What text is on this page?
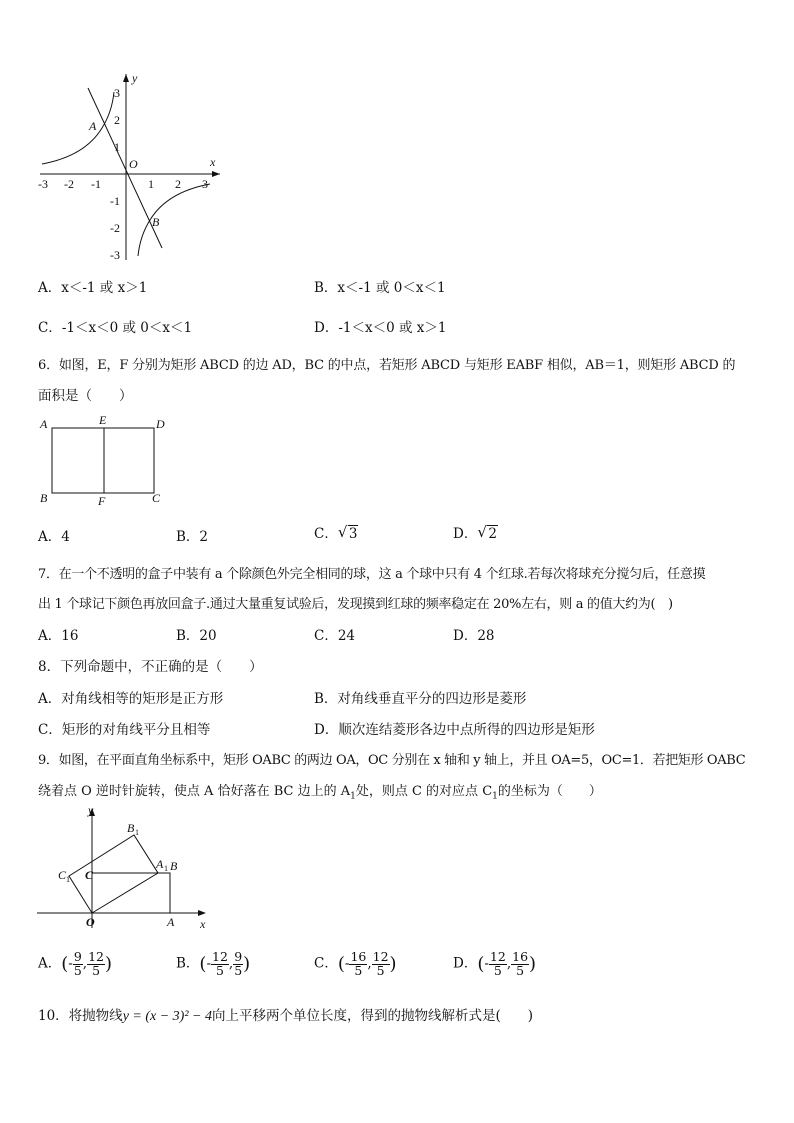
y
x
O
A
B
-3 -2 -1	1 2 3
3
2
1
-1
-2
-3
A．x＜-1 或 x＞1	B．x＜-1 或 0＜x＜1
C．-1＜x＜0 或 0＜x＜1	D．-1＜x＜0 或 x＞1
6．如图，E，F 分别为矩形 ABCD 的边 AD，BC 的中点，若矩形 ABCD 与矩形 EABF 相似，AB＝1，则矩形 ABCD 的
面积是（　　）
A	E	D
B	F	C
A．4	B．2	C． √ 3	D． √ 2
7．在一个不透明的盒子中装有 a 个除颜色外完全相同的球，这 a 个球中只有 4 个红球.若每次将球充分搅匀后，任意摸
出 1 个球记下颜色再放回盒子.通过大量重复试验后，发现摸到红球的频率稳定在 20%左右，则 a 的值大约为(　)
A．16	B．20	C．24	D．28
8．下列命题中，不正确的是（　　）
A．对角线相等的矩形是正方形	B．对角线垂直平分的四边形是菱形
C．矩形的对角线平分且相等	D．顺次连结菱形各边中点所得的四边形是矩形
9．如图，在平面直角坐标系中，矩形 OABC 的两边 OA，OC 分别在 x 轴和 y 轴上，并且 OA=5，OC=1．若把矩形 OABC
绕着点 O 逆时针旋转，使点 A 恰好落在 BC 边上的 $A_1$处，则点 C 的对应点 $C_1$的坐标为（　　）
y
x
O	A
B
C
A 1
B 1
C 1
A．(- $\frac{9}{5}$ , $\frac{12}{5}$ )	B．(- $\frac{12}{5}$ , $\frac{9}{5}$ )	C．(- $\frac{16}{5}$ , $\frac{12}{5}$ )	D．(- $\frac{12}{5}$ , $\frac{16}{5}$ )
10．将抛物线y = (x − 3)² − 4向上平移两个单位长度，得到的抛物线解析式是(　　)
